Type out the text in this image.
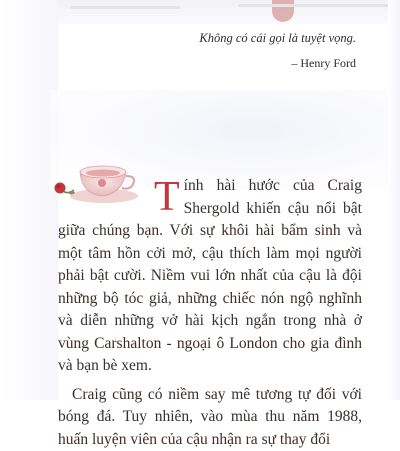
Không có cái gọi là tuyệt vọng.
– Henry Ford

Tính hài hước của Craig Shergold khiến cậu nổi bật giữa chúng bạn. Với sự khôi hài bẩm sinh và một tâm hồn cởi mở, cậu thích làm mọi người phải bật cười. Niềm vui lớn nhất của cậu là đội những bộ tóc giả, những chiếc nón ngộ nghĩnh và diễn những vở hài kịch ngắn trong nhà ở vùng Carshalton - ngoại ô London cho gia đình và bạn bè xem.

Craig cũng có niềm say mê tương tự đối với bóng đá. Tuy nhiên, vào mùa thu năm 1988, huấn luyện viên của cậu nhận ra sự thay đổi
